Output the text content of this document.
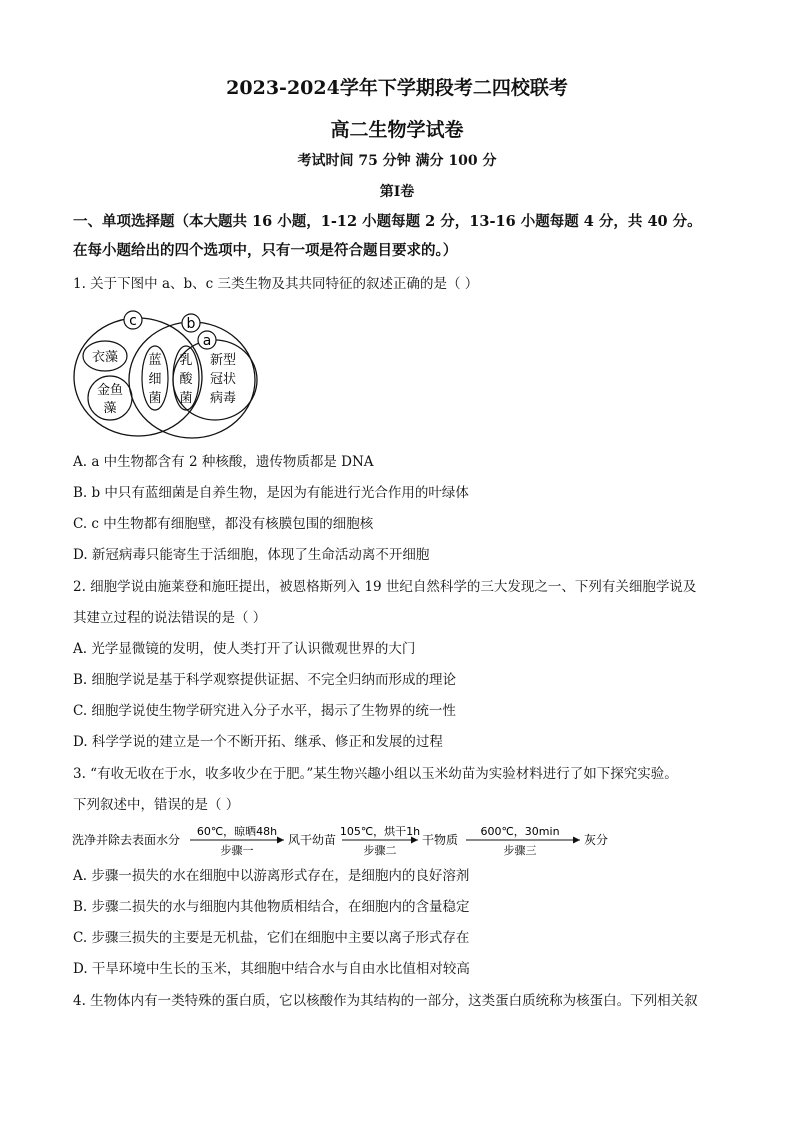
2023-2024学年下学期段考二四校联考
高二生物学试卷
考试时间 75 分钟 满分 100 分
第Ⅰ卷
一、单项选择题（本大题共 16 小题，1-12 小题每题 2 分，13-16 小题每题 4 分，共 40 分。
在每小题给出的四个选项中，只有一项是符合题目要求的。）
1. 关于下图中 a、b、c 三类生物及其共同特征的叙述正确的是（ ）
c	b
a
衣藻
金鱼
藻
蓝
细
菌
乳
酸
菌
新型
冠状
病毒
A. a 中生物都含有 2 种核酸，遗传物质都是 DNA
B. b 中只有蓝细菌是自养生物，是因为有能进行光合作用的叶绿体
C. c 中生物都有细胞壁，都没有核膜包围的细胞核
D. 新冠病毒只能寄生于活细胞，体现了生命活动离不开细胞
2. 细胞学说由施莱登和施旺提出，被恩格斯列入 19 世纪自然科学的三大发现之一、下列有关细胞学说及
其建立过程的说法错误的是（ ）
A. 光学显微镜的发明，使人类打开了认识微观世界的大门
B. 细胞学说是基于科学观察提供证据、不完全归纳而形成的理论
C. 细胞学说使生物学研究进入分子水平，揭示了生物界的统一性
D. 科学学说的建立是一个不断开拓、继承、修正和发展的过程
3. “有收无收在于水，收多收少在于肥。”某生物兴趣小组以玉米幼苗为实验材料进行了如下探究实验。
下列叙述中，错误的是（ ）
洗净并除去表面水分
60℃，晾晒48h
步骤一
风干幼苗
105℃，烘干1h
步骤二
干物质
600℃，30min
步骤三
灰分
A. 步骤一损失的水在细胞中以游离形式存在，是细胞内的良好溶剂
B. 步骤二损失的水与细胞内其他物质相结合，在细胞内的含量稳定
C. 步骤三损失的主要是无机盐，它们在细胞中主要以离子形式存在
D. 干旱环境中生长的玉米，其细胞中结合水与自由水比值相对较高
4. 生物体内有一类特殊的蛋白质，它以核酸作为其结构的一部分，这类蛋白质统称为核蛋白。下列相关叙
